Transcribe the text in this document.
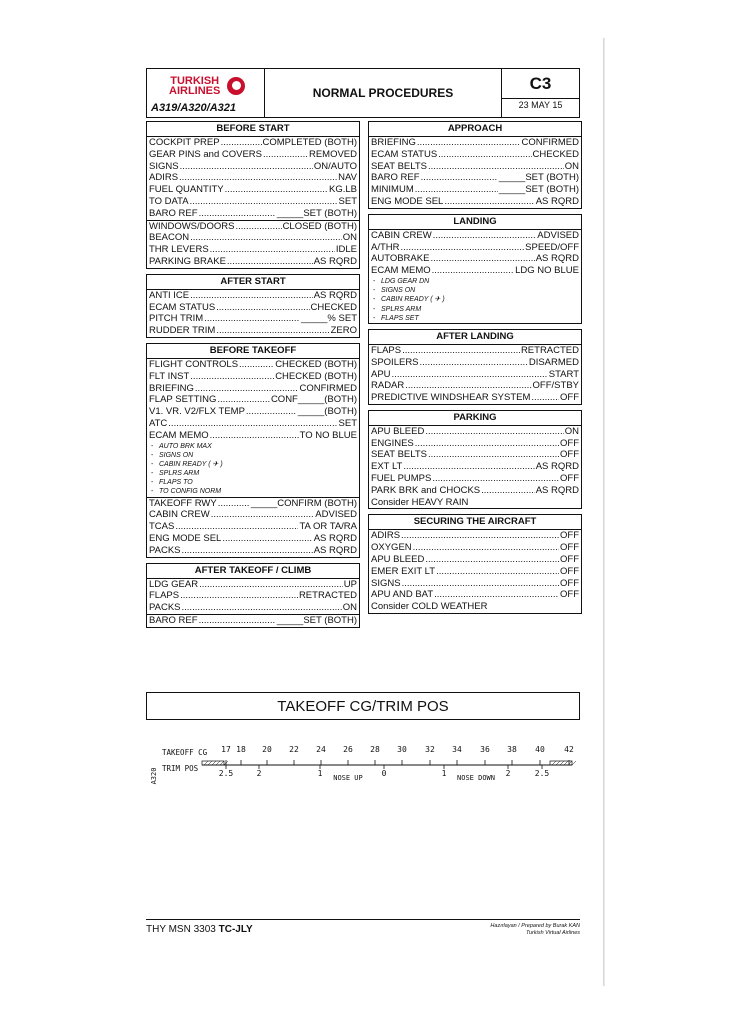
TURKISH
AIRLINES
A319/A320/A321
NORMAL PROCEDURES
C3
23 MAY 15
BEFORE START
COCKPIT PREP .....	COMPLETED (BOTH)
GEAR PINS and COVERS .....	REMOVED
SIGNS .....	ON/AUTO
ADIRS .....	NAV
FUEL QUANTITY .....	KG.LB
TO DATA .....	SET
BARO REF .....	_____SET (BOTH)
WINDOWS/DOORS .....	CLOSED (BOTH)
BEACON .....	ON
THR LEVERS .....	IDLE
PARKING BRAKE .....	AS RQRD
AFTER START
ANTI ICE .....	AS RQRD
ECAM STATUS .....	CHECKED
PITCH TRIM .....	_____% SET
RUDDER TRIM .....	ZERO
BEFORE TAKEOFF
FLIGHT CONTROLS .....	CHECKED (BOTH)
FLT INST .....	CHECKED (BOTH)
BRIEFING .....	CONFIRMED
FLAP SETTING .....	CONF_____(BOTH)
V1. VR. V2/FLX TEMP .....	_____(BOTH)
ATC .....	SET
ECAM MEMO .....	TO NO BLUE
- AUTO BRK MAX
- SIGNS ON
- CABIN READY ( ✈ )
- SPLRS ARM
- FLAPS TO
- TO CONFIG NORM
TAKEOFF RWY .....	_____CONFIRM (BOTH)
CABIN CREW .....	ADVISED
TCAS .....	TA OR TA/RA
ENG MODE SEL .....	AS RQRD
PACKS .....	AS RQRD
AFTER TAKEOFF / CLIMB
LDG GEAR .....	UP
FLAPS .....	RETRACTED
PACKS .....	ON
BARO REF .....	_____SET (BOTH)
APPROACH
BRIEFING .....	CONFIRMED
ECAM STATUS .....	CHECKED
SEAT BELTS .....	ON
BARO REF .....	_____SET (BOTH)
MINIMUM .....	_____SET (BOTH)
ENG MODE SEL .....	AS RQRD
LANDING
CABIN CREW .....	ADVISED
A/THR .....	SPEED/OFF
AUTOBRAKE .....	AS RQRD
ECAM MEMO .....	LDG NO BLUE
- LDG GEAR DN
- SIGNS ON
- CABIN READY ( ✈ )
- SPLRS ARM
- FLAPS SET
AFTER LANDING
FLAPS .....	RETRACTED
SPOILERS .....	DISARMED
APU .....	START
RADAR .....	OFF/STBY
PREDICTIVE WINDSHEAR SYSTEM .....	OFF
PARKING
APU BLEED .....	ON
ENGINES .....	OFF
SEAT BELTS .....	OFF
EXT LT .....	AS RQRD
FUEL PUMPS .....	OFF
PARK BRK and CHOCKS .....	AS RQRD
Consider HEAVY RAIN
SECURING THE AIRCRAFT
ADIRS .....	OFF
OXYGEN .....	OFF
APU BLEED .....	OFF
EMER EXIT LT .....	OFF
SIGNS .....	OFF
APU AND BAT .....	OFF
Consider COLD WEATHER
TAKEOFF CG/TRIM POS
A320
TAKEOFF CG
TRIM POS
17 18 20 22 24 26 28 30 32 34 36 38 40 42
2.5	2	1	0	1	2	2.5
NOSE UP	NOSE DOWN
THY MSN 3303 TC-JLY	Hazırlayan / Prepared by Burak KAN
Turkish Virtual Airlines
